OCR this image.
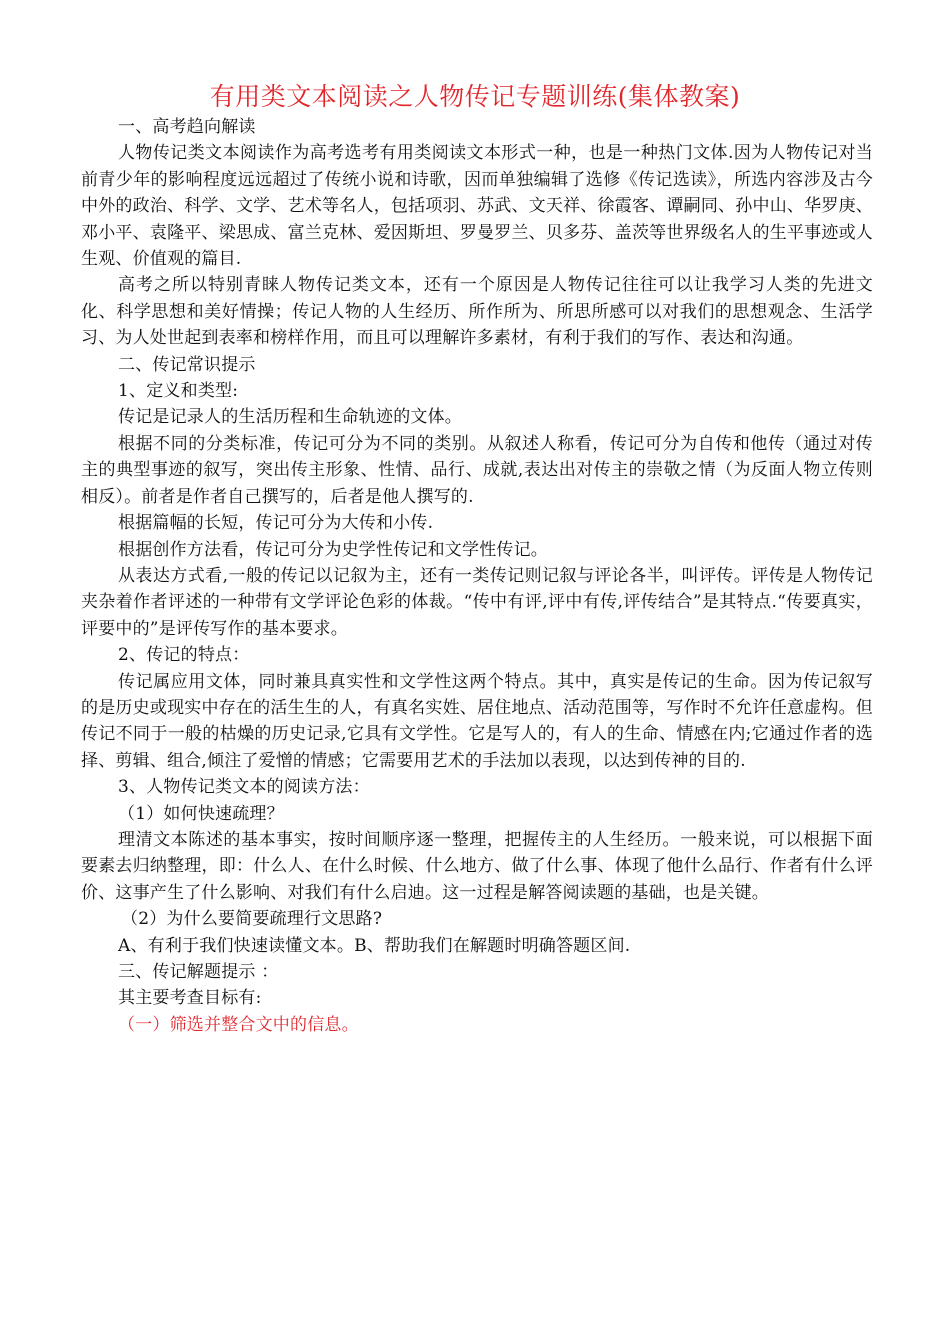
有用类文本阅读之人物传记专题训练(集体教案)

一、高考趋向解读

人物传记类文本阅读作为高考选考有用类阅读文本形式一种，也是一种热门文体.因为人物传记对当前青少年的影响程度远远超过了传统小说和诗歌，因而单独编辑了选修《传记选读》，所选内容涉及古今中外的政治、科学、文学、艺术等名人，包括项羽、苏武、文天祥、徐霞客、谭嗣同、孙中山、华罗庚、邓小平、袁隆平、梁思成、富兰克林、爱因斯坦、罗曼罗兰、贝多芬、盖茨等世界级名人的生平事迹或人生观、价值观的篇目.

高考之所以特别青睐人物传记类文本，还有一个原因是人物传记往往可以让我学习人类的先进文化、科学思想和美好情操；传记人物的人生经历、所作所为、所思所感可以对我们的思想观念、生活学习、为人处世起到表率和榜样作用，而且可以理解许多素材，有利于我们的写作、表达和沟通。

二、传记常识提示

1、定义和类型:

传记是记录人的生活历程和生命轨迹的文体。

根据不同的分类标准，传记可分为不同的类别。从叙述人称看，传记可分为自传和他传（通过对传主的典型事迹的叙写，突出传主形象、性情、品行、成就,表达出对传主的崇敬之情（为反面人物立传则相反）。前者是作者自己撰写的，后者是他人撰写的.

根据篇幅的长短，传记可分为大传和小传.

根据创作方法看，传记可分为史学性传记和文学性传记。

从表达方式看,一般的传记以记叙为主，还有一类传记则记叙与评论各半，叫评传。评传是人物传记夹杂着作者评述的一种带有文学评论色彩的体裁。“传中有评,评中有传,评传结合”是其特点.“传要真实，评要中的”是评传写作的基本要求。

2、传记的特点：

传记属应用文体，同时兼具真实性和文学性这两个特点。其中，真实是传记的生命。因为传记叙写的是历史或现实中存在的活生生的人，有真名实姓、居住地点、活动范围等，写作时不允许任意虚构。但传记不同于一般的枯燥的历史记录,它具有文学性。它是写人的，有人的生命、情感在内;它通过作者的选择、剪辑、组合,倾注了爱憎的情感；它需要用艺术的手法加以表现，以达到传神的目的.

3、人物传记类文本的阅读方法：

（1）如何快速疏理？

理清文本陈述的基本事实，按时间顺序逐一整理，把握传主的人生经历。一般来说，可以根据下面要素去归纳整理，即：什么人、在什么时候、什么地方、做了什么事、体现了他什么品行、作者有什么评价、这事产生了什么影响、对我们有什么启迪。这一过程是解答阅读题的基础，也是关键。

（2）为什么要简要疏理行文思路?

A、有利于我们快速读懂文本。B、帮助我们在解题时明确答题区间.

三、传记解题提示 ：

其主要考查目标有:

（一）筛选并整合文中的信息。
